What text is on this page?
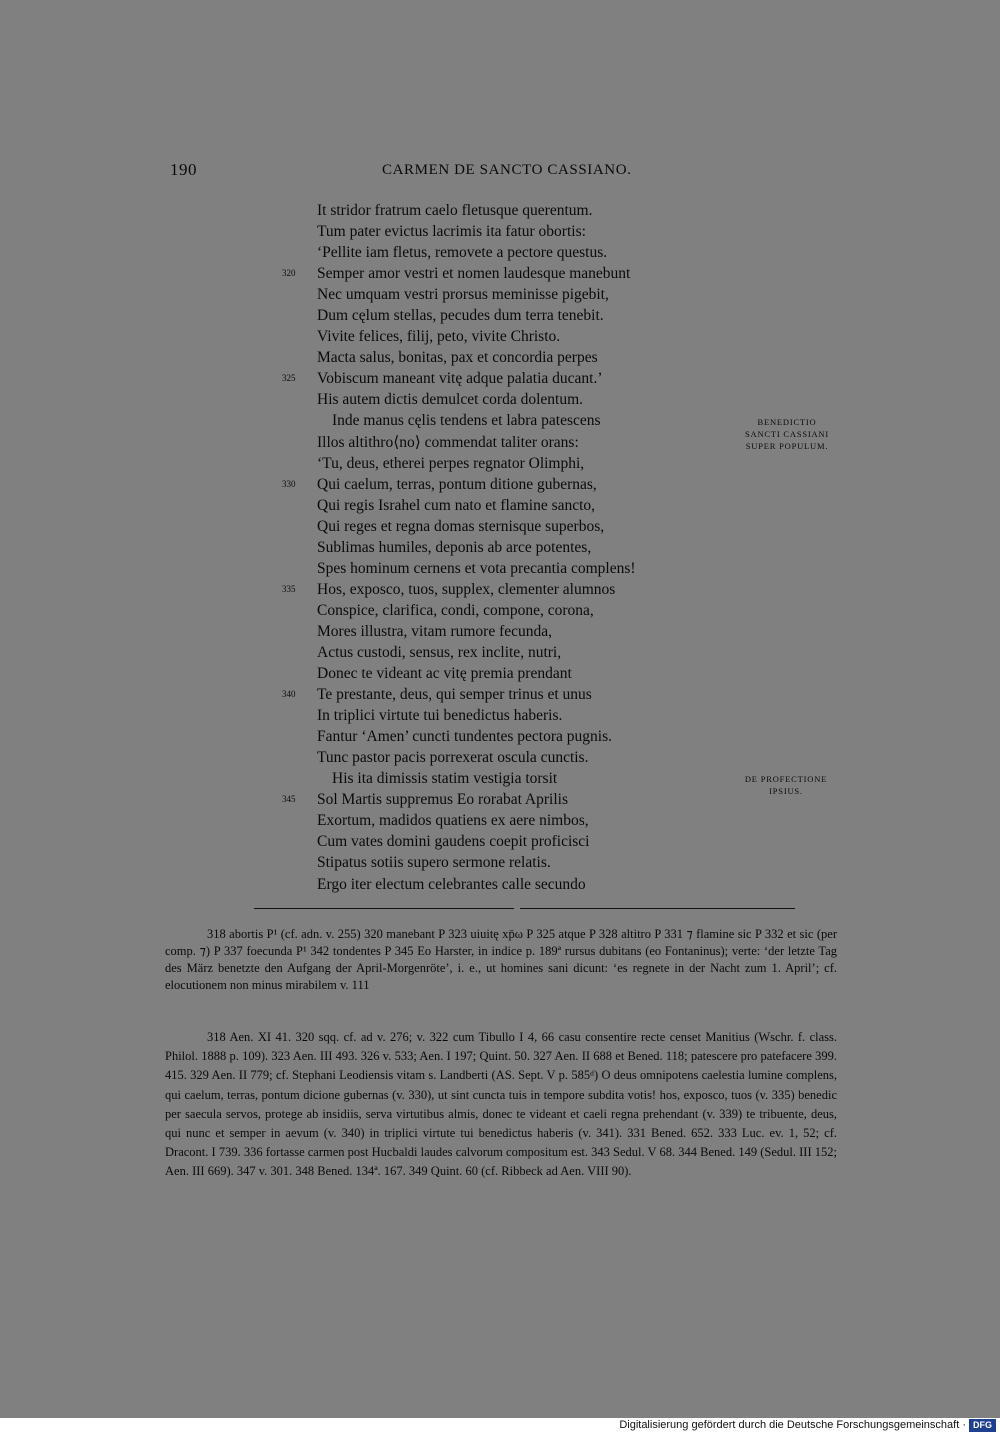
190	CARMEN DE SANCTO CASSIANO.
It stridor fratrum caelo fletusque querentum.
Tum pater evictus lacrimis ita fatur obortis:
‘Pellite iam fletus, removete a pectore questus.
320	Semper amor vestri et nomen laudesque manebunt
Nec umquam vestri prorsus meminisse pigebit,
Dum cęlum stellas, pecudes dum terra tenebit.
Vivite felices, filij, peto, vivite Christo.
Macta salus, bonitas, pax et concordia perpes
325	Vobiscum maneant vitę adque palatia ducant.’
His autem dictis demulcet corda dolentum.
Inde manus cęlis tendens et labra patescens
Illos altithro⟨no⟩ commendat taliter orans:
‘Tu, deus, etherei perpes regnator Olimphi,
330	Qui caelum, terras, pontum ditione gubernas,
Qui regis Israhel cum nato et flamine sancto,
Qui reges et regna domas sternisque superbos,
Sublimas humiles, deponis ab arce potentes,
Spes hominum cernens et vota precantia complens!
335	Hos, exposco, tuos, supplex, clementer alumnos
Conspice, clarifica, condi, compone, corona,
Mores illustra, vitam rumore fecunda,
Actus custodi, sensus, rex inclite, nutri,
Donec te videant ac vitę premia prendant
340	Te prestante, deus, qui semper trinus et unus
In triplici virtute tui benedictus haberis.
Fantur ‘Amen’ cuncti tundentes pectora pugnis.
Tunc pastor pacis porrexerat oscula cunctis.
His ita dimissis statim vestigia torsit
345	Sol Martis suppremus Eo rorabat Aprilis
Exortum, madidos quatiens ex aere nimbos,
Cum vates domini gaudens coepit proficisci
Stipatus sotiis supero sermone relatis.
Ergo iter electum celebrantes calle secundo
BENEDICTIO
SANCTI CASSIANI
SUPER POPULUM.
DE PROFECTIONE
IPSIUS.

318 abortis P¹ (cf. adn. v. 255) 320 manebant P 323 uiuitę xp̄ω P 325 atque P 328 altitro P 331 ⁊ flamine sic P 332 et sic (per comp. ⁊) P 337 foecunda P¹ 342 tondentes P 345 Eo Harster, in indice p. 189ª rursus dubitans (eo Fontaninus); verte: ‘der letzte Tag des März benetzte den Aufgang der April-Morgenröte’, i. e., ut homines sani dicunt: ‘es regnete in der Nacht zum 1. April’; cf. elocutionem non minus mirabilem v. 111

318 Aen. XI 41. 320 sqq. cf. ad v. 276; v. 322 cum Tibullo I 4, 66 casu consentire recte censet Manitius (Wschr. f. class. Philol. 1888 p. 109). 323 Aen. III 493. 326 v. 533; Aen. I 197; Quint. 50. 327 Aen. II 688 et Bened. 118; patescere pro patefacere 399. 415. 329 Aen. II 779; cf. Stephani Leodiensis vitam s. Landberti (AS. Sept. V p. 585ᵈ) O deus omnipotens caelestia lumine complens, qui caelum, terras, pontum dicione gubernas (v. 330), ut sint cuncta tuis in tempore subdita votis! hos, exposco, tuos (v. 335) benedic per saecula servos, protege ab insidiis, serva virtutibus almis, donec te videant et caeli regna prehendant (v. 339) te tribuente, deus, qui nunc et semper in aevum (v. 340) in triplici virtute tui benedictus haberis (v. 341). 331 Bened. 652. 333 Luc. ev. 1, 52; cf. Dracont. I 739. 336 fortasse carmen post Hucbaldi laudes calvorum compositum est. 343 Sedul. V 68. 344 Bened. 149 (Sedul. III 152; Aen. III 669). 347 v. 301. 348 Bened. 134ª. 167. 349 Quint. 60 (cf. Ribbeck ad Aen. VIII 90).

Digitalisierung gefördert durch die Deutsche Forschungsgemeinschaft · DFG
